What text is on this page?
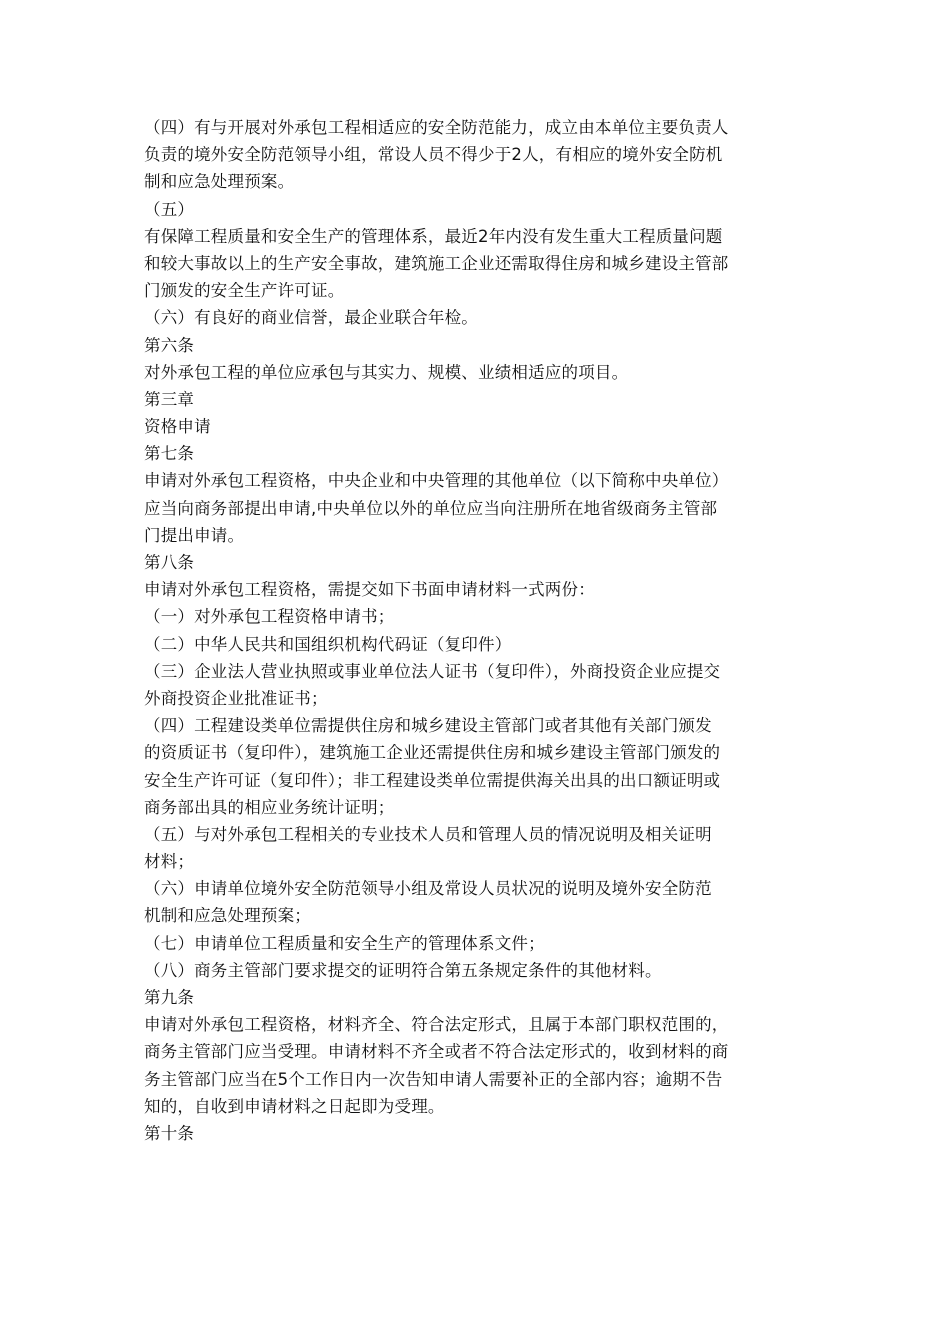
（四）有与开展对外承包工程相适应的安全防范能力，成立由本单位主要负责人
负责的境外安全防范领导小组，常设人员不得少于2人，有相应的境外安全防机
制和应急处理预案。
（五）
有保障工程质量和安全生产的管理体系，最近2年内没有发生重大工程质量问题
和较大事故以上的生产安全事故，建筑施工企业还需取得住房和城乡建设主管部
门颁发的安全生产许可证。
（六）有良好的商业信誉，最企业联合年检。
第六条
对外承包工程的单位应承包与其实力、规模、业绩相适应的项目。
第三章
资格申请
第七条
申请对外承包工程资格，中央企业和中央管理的其他单位（以下简称中央单位）
应当向商务部提出申请,中央单位以外的单位应当向注册所在地省级商务主管部
门提出申请。
第八条
申请对外承包工程资格，需提交如下书面申请材料一式两份：
（一）对外承包工程资格申请书；
（二）中华人民共和国组织机构代码证（复印件）
（三）企业法人营业执照或事业单位法人证书（复印件），外商投资企业应提交
外商投资企业批准证书；
（四）工程建设类单位需提供住房和城乡建设主管部门或者其他有关部门颁发
的资质证书（复印件），建筑施工企业还需提供住房和城乡建设主管部门颁发的
安全生产许可证（复印件）；非工程建设类单位需提供海关出具的出口额证明或
商务部出具的相应业务统计证明；
（五）与对外承包工程相关的专业技术人员和管理人员的情况说明及相关证明
材料；
（六）申请单位境外安全防范领导小组及常设人员状况的说明及境外安全防范
机制和应急处理预案；
（七）申请单位工程质量和安全生产的管理体系文件；
（八）商务主管部门要求提交的证明符合第五条规定条件的其他材料。
第九条
申请对外承包工程资格，材料齐全、符合法定形式，且属于本部门职权范围的，
商务主管部门应当受理。申请材料不齐全或者不符合法定形式的，收到材料的商
务主管部门应当在5个工作日内一次告知申请人需要补正的全部内容；逾期不告
知的，自收到申请材料之日起即为受理。
第十条
